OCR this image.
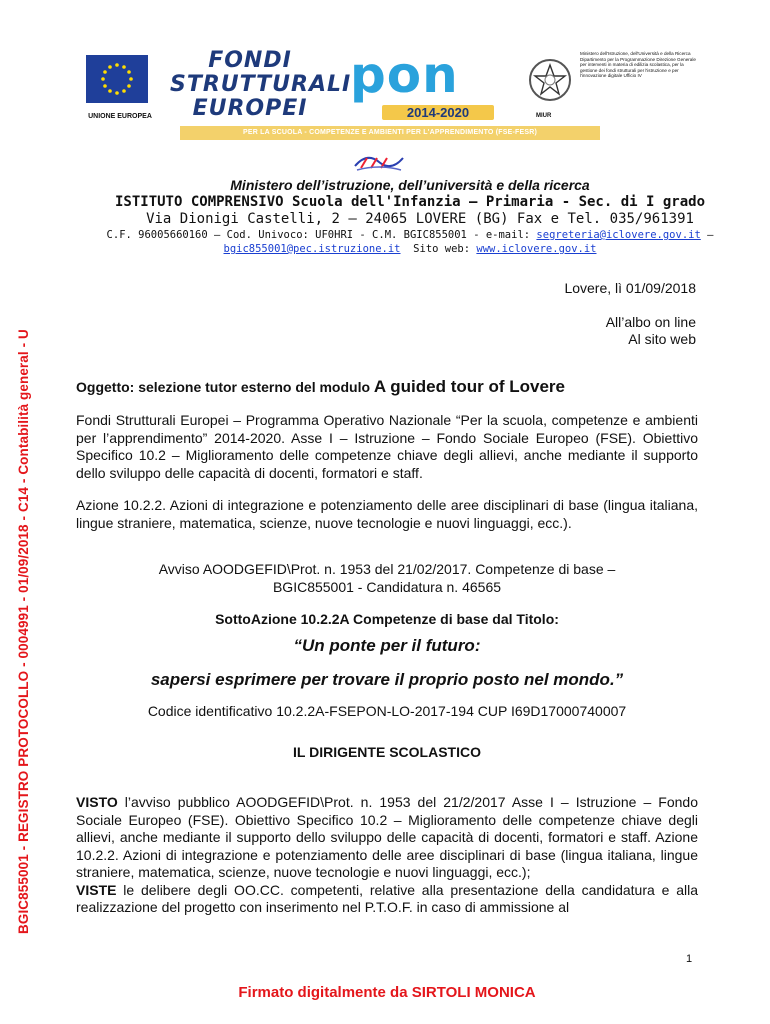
BGIC855001 - REGISTRO PROTOCOLLO - 0004991 - 01/09/2018 - C14 - Contabilità general - U
UNIONE EUROPEA
FONDI
STRUTTURALI
EUROPEI
pon
2014-2020	MIUR
Ministero dell'Istruzione, dell'Università e della Ricerca Dipartimento per la Programmazione Direzione Generale per interventi in materia di edilizia scolastica, per la gestione dei fondi strutturali per l'istruzione e per l'innovazione digitale Ufficio IV
PER LA SCUOLA - COMPETENZE E AMBIENTI PER L'APPRENDIMENTO (FSE-FESR)
Ministero dell’istruzione, dell’università e della ricerca
ISTITUTO COMPRENSIVO Scuola dell'Infanzia – Primaria - Sec. di I grado
Via Dionigi Castelli, 2 – 24065 LOVERE (BG) Fax e Tel. 035/961391
C.F. 96005660160 – Cod. Univoco: UF0HRI - C.M. BGIC855001 - e-mail: segreteria@iclovere.gov.it –
bgic855001@pec.istruzione.it Sito web: www.iclovere.gov.it
Lovere, lì 01/09/2018
All’albo on line
Al sito web
Oggetto: selezione tutor esterno del modulo A guided tour of Lovere
Fondi Strutturali Europei – Programma Operativo Nazionale “Per la scuola, competenze e ambienti per l’apprendimento” 2014-2020. Asse I – Istruzione – Fondo Sociale Europeo (FSE). Obiettivo Specifico 10.2 – Miglioramento delle competenze chiave degli allievi, anche mediante il supporto dello sviluppo delle capacità di docenti, formatori e staff.
Azione 10.2.2. Azioni di integrazione e potenziamento delle aree disciplinari di base (lingua italiana, lingue straniere, matematica, scienze, nuove tecnologie e nuovi linguaggi, ecc.).
Avviso AOODGEFID\Prot. n. 1953 del 21/02/2017. Competenze di base –
BGIC855001 - Candidatura n. 46565
SottoAzione 10.2.2A Competenze di base dal Titolo:
“Un ponte per il futuro:
sapersi esprimere per trovare il proprio posto nel mondo.”
Codice identificativo 10.2.2A-FSEPON-LO-2017-194 CUP I69D17000740007
IL DIRIGENTE SCOLASTICO
VISTO l’avviso pubblico AOODGEFID\Prot. n. 1953 del 21/2/2017 Asse I – Istruzione – Fondo Sociale Europeo (FSE). Obiettivo Specifico 10.2 – Miglioramento delle competenze chiave degli allievi, anche mediante il supporto dello sviluppo delle capacità di docenti, formatori e staff. Azione 10.2.2. Azioni di integrazione e potenziamento delle aree disciplinari di base (lingua italiana, lingue straniere, matematica, scienze, nuove tecnologie e nuovi linguaggi, ecc.);
VISTE le delibere degli OO.CC. competenti, relative alla presentazione della candidatura e alla realizzazione del progetto con inserimento nel P.T.O.F. in caso di ammissione al
1
Firmato digitalmente da SIRTOLI MONICA
